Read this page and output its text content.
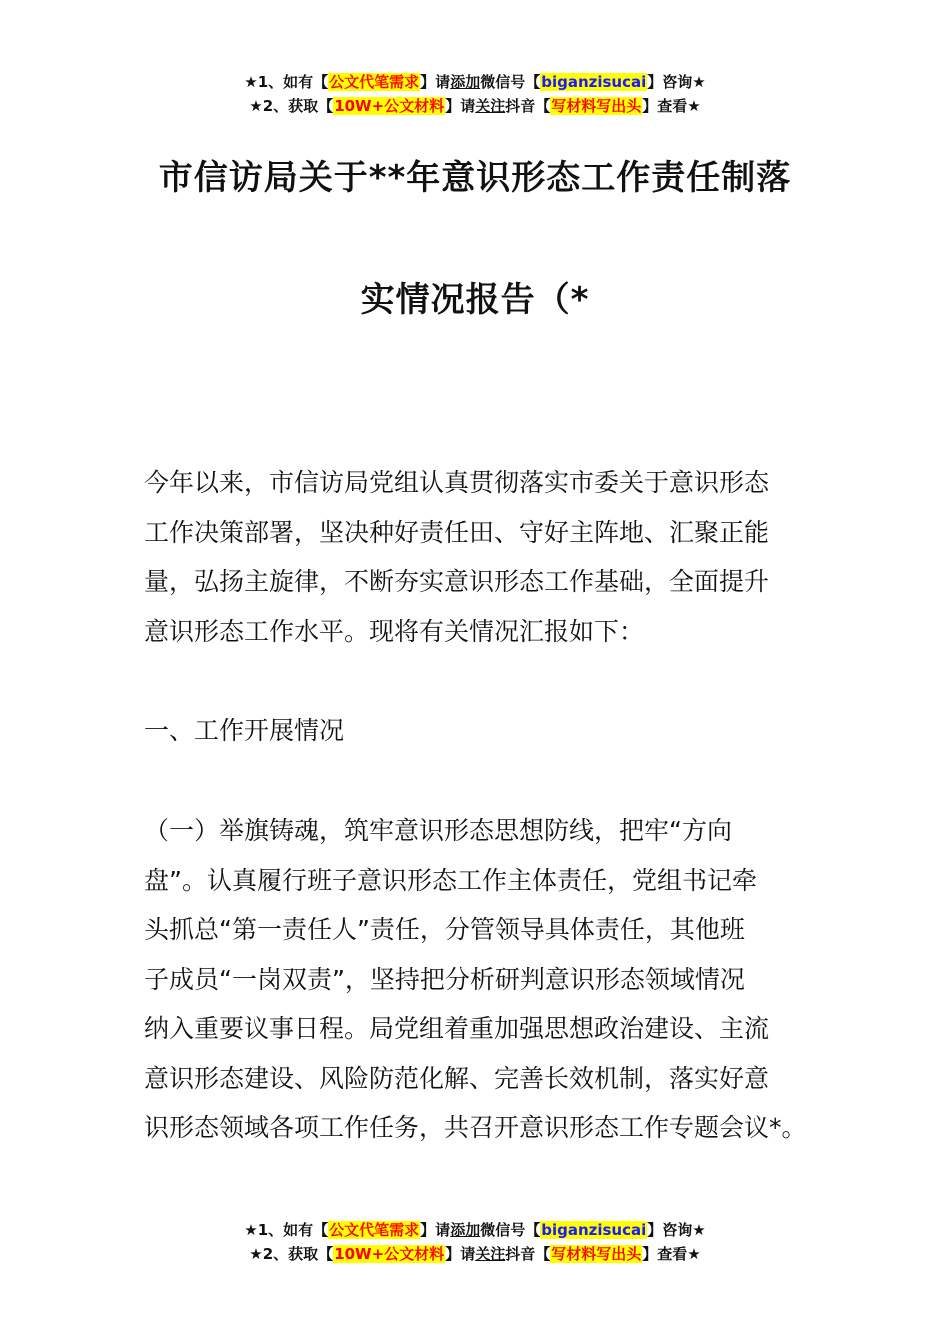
★1、如有【公文代笔需求】请添加微信号【biganzisucai】咨询★
★2、获取【10W+公文材料】请关注抖音【写材料写出头】查看★
市信访局关于**年意识形态工作责任制落
实情况报告（*
今年以来，市信访局党组认真贯彻落实市委关于意识形态
工作决策部署，坚决种好责任田、守好主阵地、汇聚正能
量，弘扬主旋律，不断夯实意识形态工作基础，全面提升
意识形态工作水平。现将有关情况汇报如下：
一、工作开展情况
（一）举旗铸魂，筑牢意识形态思想防线，把牢“方向
盘”。认真履行班子意识形态工作主体责任，党组书记牵
头抓总“第一责任人”责任，分管领导具体责任，其他班
子成员“一岗双责”，坚持把分析研判意识形态领域情况
纳入重要议事日程。局党组着重加强思想政治建设、主流
意识形态建设、风险防范化解、完善长效机制，落实好意
识形态领域各项工作任务，共召开意识形态工作专题会议*。
★1、如有【公文代笔需求】请添加微信号【biganzisucai】咨询★
★2、获取【10W+公文材料】请关注抖音【写材料写出头】查看★
